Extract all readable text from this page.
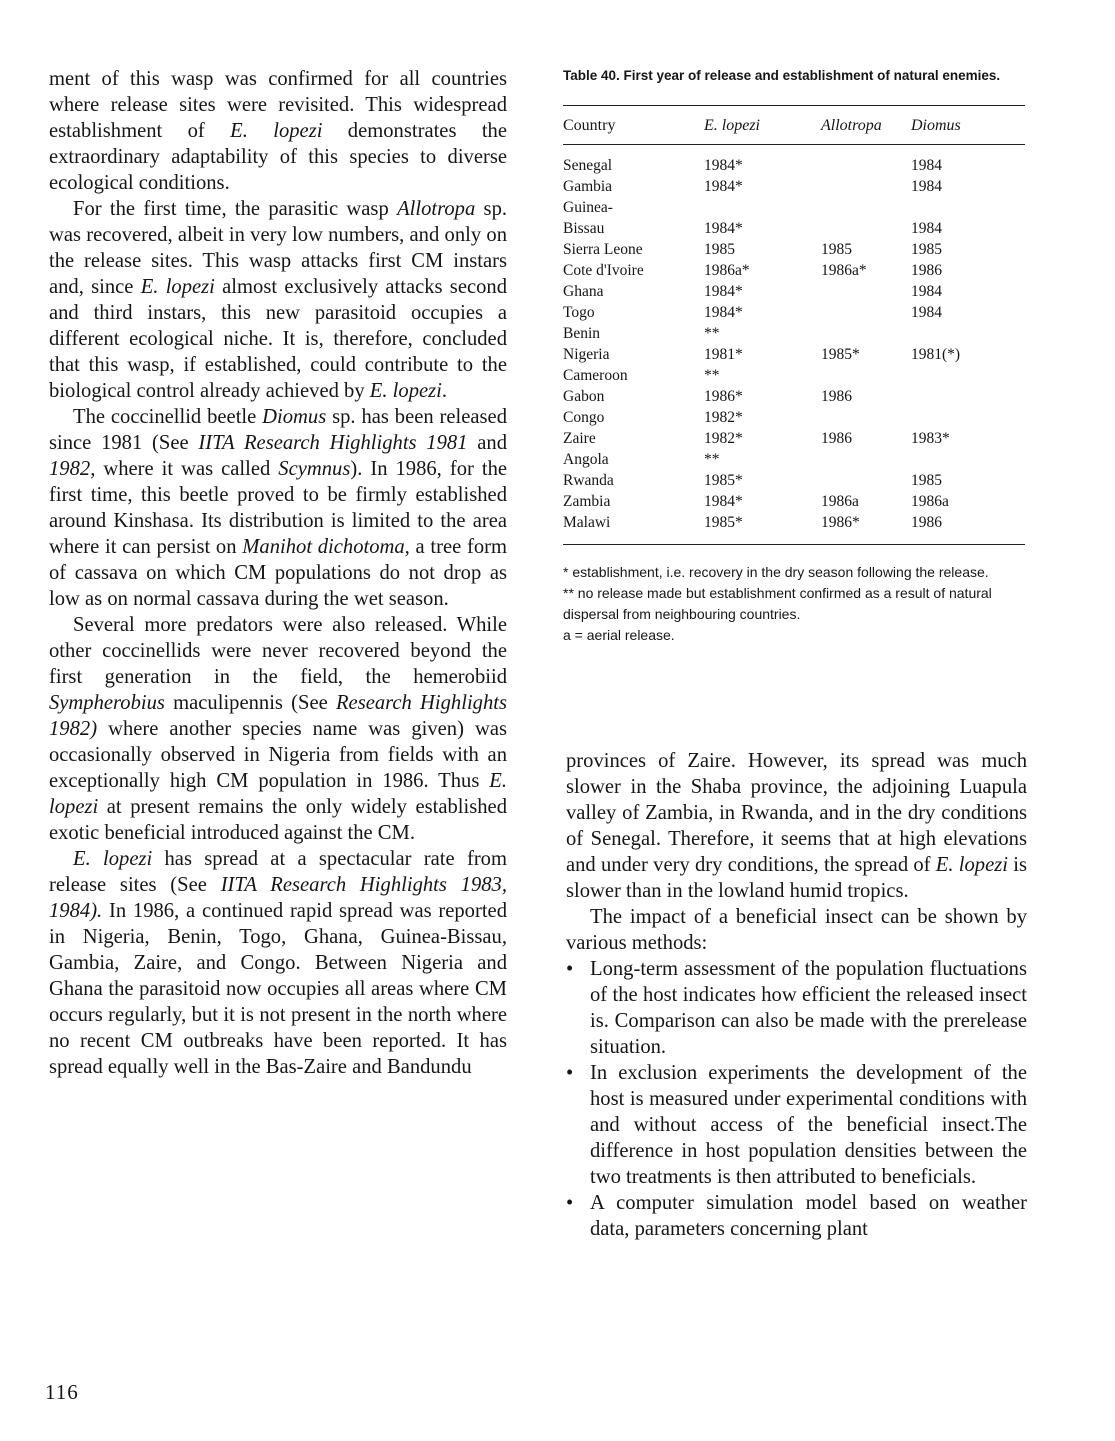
ment of this wasp was confirmed for all countries where release sites were revisited. This widespread establishment of E. lopezi demonstrates the extraordinary adaptability of this species to diverse ecological conditions.

For the first time, the parasitic wasp Allotropa sp. was recovered, albeit in very low numbers, and only on the release sites. This wasp attacks first CM instars and, since E. lopezi almost exclusively attacks second and third instars, this new parasitoid occupies a different ecological niche. It is, therefore, concluded that this wasp, if established, could contribute to the biological control already achieved by E. lopezi.

The coccinellid beetle Diomus sp. has been released since 1981 (See IITA Research Highlights 1981 and 1982, where it was called Scymnus). In 1986, for the first time, this beetle proved to be firmly established around Kinshasa. Its distribution is limited to the area where it can persist on Manihot dichotoma, a tree form of cassava on which CM populations do not drop as low as on normal cassava during the wet season.

Several more predators were also released. While other coccinellids were never recovered beyond the first generation in the field, the hemerobiid Sympherobius maculipennis (See Research Highlights 1982) where another species name was given) was occasionally observed in Nigeria from fields with an exceptionally high CM population in 1986. Thus E. lopezi at present remains the only widely established exotic beneficial introduced against the CM.

E. lopezi has spread at a spectacular rate from release sites (See IITA Research Highlights 1983, 1984). In 1986, a continued rapid spread was reported in Nigeria, Benin, Togo, Ghana, Guinea-Bissau, Gambia, Zaire, and Congo. Between Nigeria and Ghana the parasitoid now occupies all areas where CM occurs regularly, but it is not present in the north where no recent CM outbreaks have been reported. It has spread equally well in the Bas-Zaire and Bandundu

Table 40. First year of release and establishment of natural enemies.

Country	E. lopezi	Allotropa	Diomus

Senegal	1984*		1984
Gambia	1984*		1984
Guinea-			
Bissau	1984*		1984
Sierra Leone	1985	1985	1985
Cote d'Ivoire	1986a*	1986a*	1986
Ghana	1984*		1984
Togo	1984*		1984
Benin	**		
Nigeria	1981*	1985*	1981(*)
Cameroon	**		
Gabon	1986*	1986	
Congo	1982*		
Zaire	1982*	1986	1983*
Angola	**		
Rwanda	1985*		1985
Zambia	1984*	1986a	1986a
Malawi	1985*	1986*	1986

* establishment, i.e. recovery in the dry season following the release.

** no release made but establishment confirmed as a result of natural dispersal from neighbouring countries.

a = aerial release.

provinces of Zaire. However, its spread was much slower in the Shaba province, the adjoining Luapula valley of Zambia, in Rwanda, and in the dry conditions of Senegal. Therefore, it seems that at high elevations and under very dry conditions, the spread of E. lopezi is slower than in the lowland humid tropics.

The impact of a beneficial insect can be shown by various methods:

• Long-term assessment of the population fluctuations of the host indicates how efficient the released insect is. Comparison can also be made with the prerelease situation.
• In exclusion experiments the development of the host is measured under experimental conditions with and without access of the beneficial insect.The difference in host population densities between the two treatments is then attributed to beneficials.
• A computer simulation model based on weather data, parameters concerning plant
116
